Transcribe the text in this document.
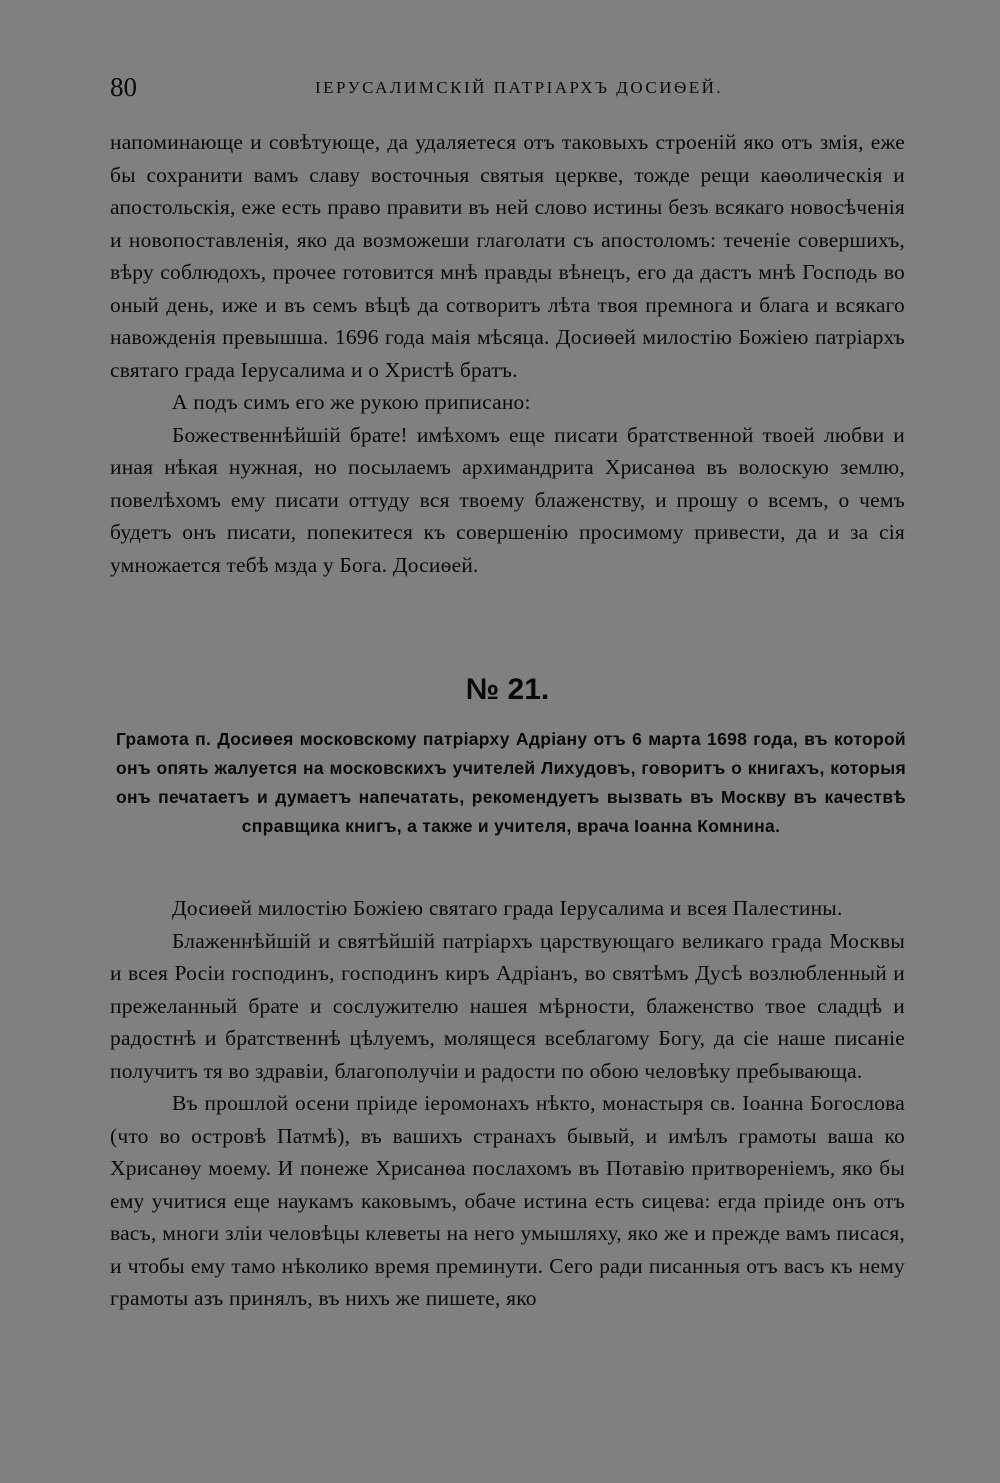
80	ІЕРУСАЛИМСКІЙ ПАТРІАРХЪ ДОСИѲЕЙ.

напоминающе и совѣтующе, да удаляетеся отъ таковыхъ строеній яко отъ змія, еже бы сохранити вамъ славу восточныя святыя церкве, тожде рещи каѳолическія и апостольскія, еже есть право правити въ ней слово истины безъ всякаго новосѣченія и новопоставленія, яко да возможеши глаголати съ апостоломъ: теченіе совершихъ, вѣру соблюдохъ, прочее готовится мнѣ правды вѣнецъ, его да дастъ мнѣ Господь во оный день, иже и въ семъ вѣцѣ да сотворитъ лѣта твоя премнога и блага и всякаго навожденія превышша. 1696 года маія мѣсяца. Досиѳей милостію Божіею патріархъ святаго града Іерусалима и о Христѣ братъ.

А подъ симъ его же рукою приписано:

Божественнѣйшій брате! имѣхомъ еще писати братственной твоей любви и иная нѣкая нужная, но посылаемъ архимандрита Хрисанѳа въ волоскую землю, повелѣхомъ ему писати оттуду вся твоему блаженству, и прошу о всемъ, о чемъ будетъ онъ писати, попекитеся къ совершенію просимому привести, да и за сія умножается тебѣ мзда у Бога. Досиѳей.

№ 21.

Грамота п. Досиѳея московскому патріарху Адріану отъ 6 марта 1698 года, въ которой онъ опять жалуется на московскихъ учителей Лихудовъ, говоритъ о книгахъ, которыя онъ печатаетъ и думаетъ напечатать, рекомендуетъ вызвать въ Москву въ качествѣ справщика книгъ, а также и учителя, врача Іоанна Комнина.

Досиѳей милостію Божіею святаго града Іерусалима и всея Палестины.

Блаженнѣйшій и святѣйшій патріархъ царствующаго великаго града Москвы и всея Росіи господинъ, господинъ киръ Адріанъ, во святѣмъ Дусѣ возлюбленный и прежеланный брате и сослужителю нашея мѣрности, блаженство твое сладцѣ и радостнѣ и братственнѣ цѣлуемъ, молящеся всеблагому Богу, да сіе наше писаніе получитъ тя во здравіи, благополучіи и радости по обою человѣку пребывающа.

Въ прошлой осени пріиде іеромонахъ нѣкто, монастыря св. Іоанна Богослова (что во островѣ Патмѣ), въ вашихъ странахъ бывый, и имѣлъ грамоты ваша ко Хрисанѳу моему. И понеже Хрисанѳа послахомъ въ Потавію притвореніемъ, яко бы ему учитися еще наукамъ каковымъ, обаче истина есть сицева: егда пріиде онъ отъ васъ, многи зліи человѣцы клеветы на него умышляху, яко же и прежде вамъ писася, и чтобы ему тамо нѣколико время преминути. Сего ради писанныя отъ васъ къ нему грамоты азъ принялъ, въ нихъ же пишете, яко
